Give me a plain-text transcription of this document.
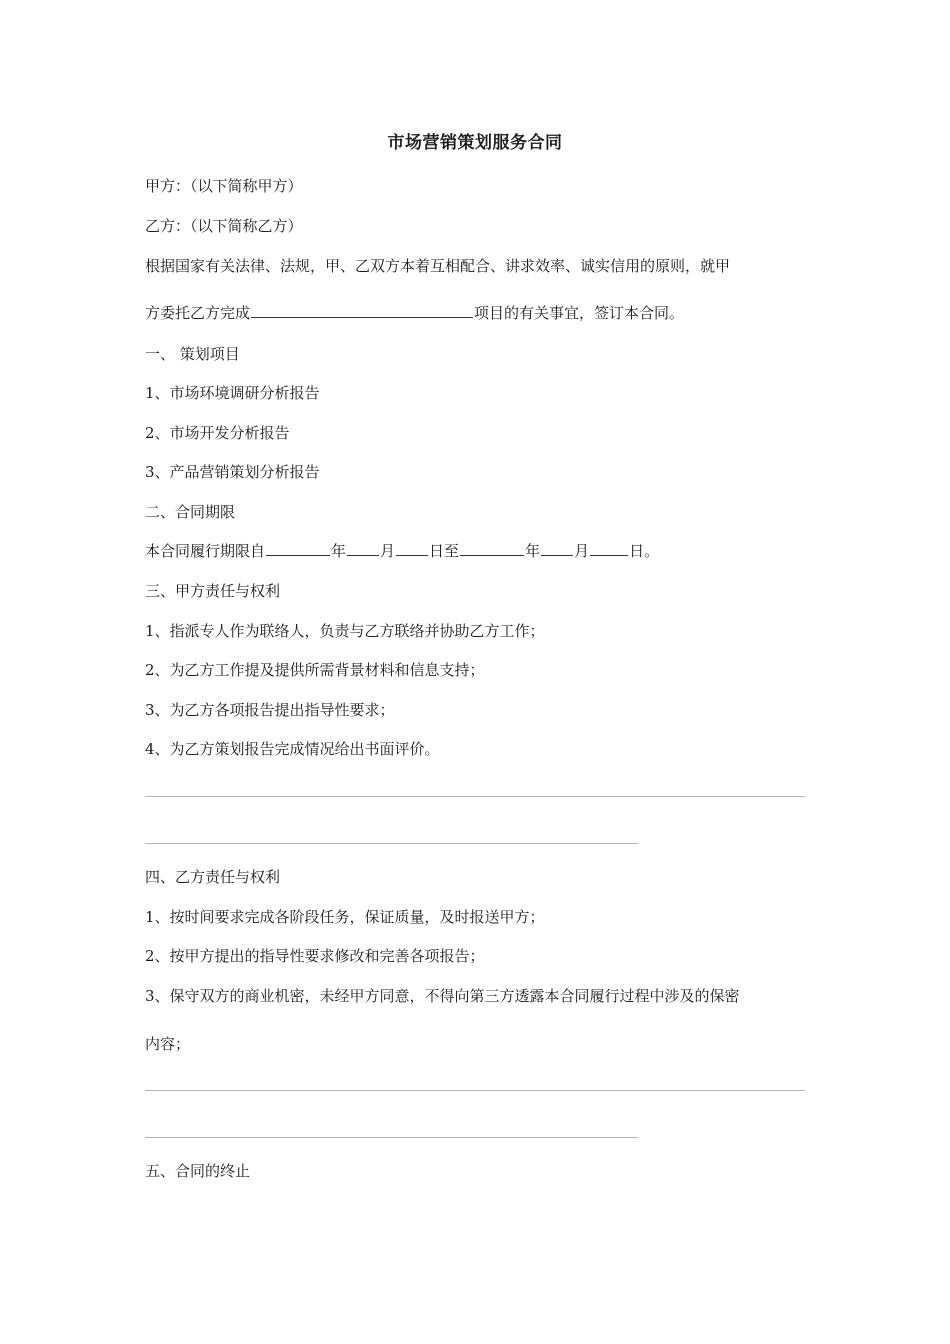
市场营销策划服务合同
甲方：（以下简称甲方）
乙方：（以下简称乙方）
根据国家有关法律、法规，甲、乙双方本着互相配合、讲求效率、诚实信用的原则，就甲
方委托乙方完成	项目的有关事宜，签订本合同。
一、 策划项目
1、市场环境调研分析报告
2、市场开发分析报告
3、产品营销策划分析报告
二、合同期限
本合同履行期限自	年 月 日至	年 月	日。
三、甲方责任与权利
1、指派专人作为联络人，负责与乙方联络并协助乙方工作；
2、为乙方工作提及提供所需背景材料和信息支持；
3、为乙方各项报告提出指导性要求；
4、为乙方策划报告完成情况给出书面评价。
四、乙方责任与权利
1、按时间要求完成各阶段任务，保证质量，及时报送甲方；
2、按甲方提出的指导性要求修改和完善各项报告；
3、保守双方的商业机密，未经甲方同意，不得向第三方透露本合同履行过程中涉及的保密
内容；
五、合同的终止
